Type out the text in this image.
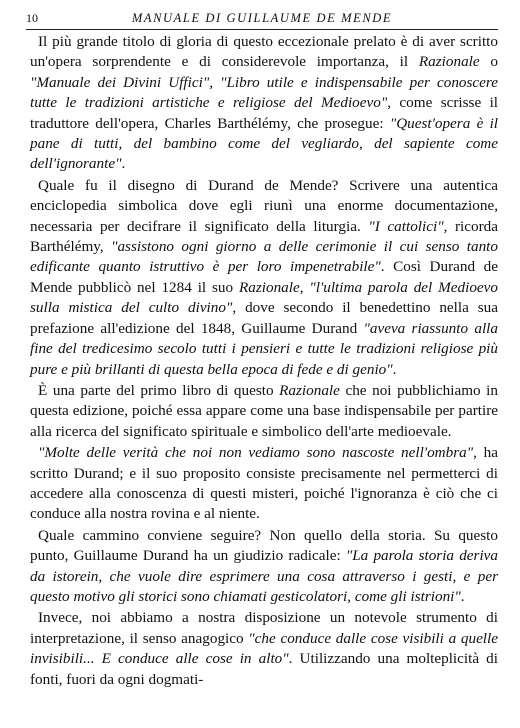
10	MANUALE DI GUILLAUME DE MENDE

Il più grande titolo di gloria di questo eccezionale prelato è di aver scritto un'opera sorprendente e di considerevole importanza, il Razionale o "Manuale dei Divini Uffici", "Libro utile e indispensabile per conoscere tutte le tradizioni artistiche e religiose del Medioevo", come scrisse il traduttore dell'opera, Charles Barthélémy, che prosegue: "Quest'opera è il pane di tutti, del bambino come del vegliardo, del sapiente come dell'ignorante".

Quale fu il disegno di Durand de Mende? Scrivere una autentica enciclopedia simbolica dove egli riunì una enorme documentazione, necessaria per decifrare il significato della liturgia. "I cattolici", ricorda Barthélémy, "assistono ogni giorno a delle cerimonie il cui senso tanto edificante quanto istruttivo è per loro impenetrabile". Così Durand de Mende pubblicò nel 1284 il suo Razionale, "l'ultima parola del Medioevo sulla mistica del culto divino", dove secondo il benedettino nella sua prefazione all'edizione del 1848, Guillaume Durand "aveva riassunto alla fine del tredicesimo secolo tutti i pensieri e tutte le tradizioni religiose più pure e più brillanti di questa bella epoca di fede e di genio".

È una parte del primo libro di questo Razionale che noi pubblichiamo in questa edizione, poiché essa appare come una base indispensabile per partire alla ricerca del significato spirituale e simbolico dell'arte medioevale.

"Molte delle verità che noi non vediamo sono nascoste nell'ombra", ha scritto Durand; e il suo proposito consiste precisamente nel permetterci di accedere alla conoscenza di questi misteri, poiché l'ignoranza è ciò che ci conduce alla nostra rovina e al niente.

Quale cammino conviene seguire? Non quello della storia. Su questo punto, Guillaume Durand ha un giudizio radicale: "La parola storia deriva da istorein, che vuole dire esprimere una cosa attraverso i gesti, e per questo motivo gli storici sono chiamati gesticolatori, come gli istrioni".

Invece, noi abbiamo a nostra disposizione un notevole strumento di interpretazione, il senso anagogico "che conduce dalle cose visibili a quelle invisibili... E conduce alle cose in alto". Utilizzando una molteplicità di fonti, fuori da ogni dogmati-
